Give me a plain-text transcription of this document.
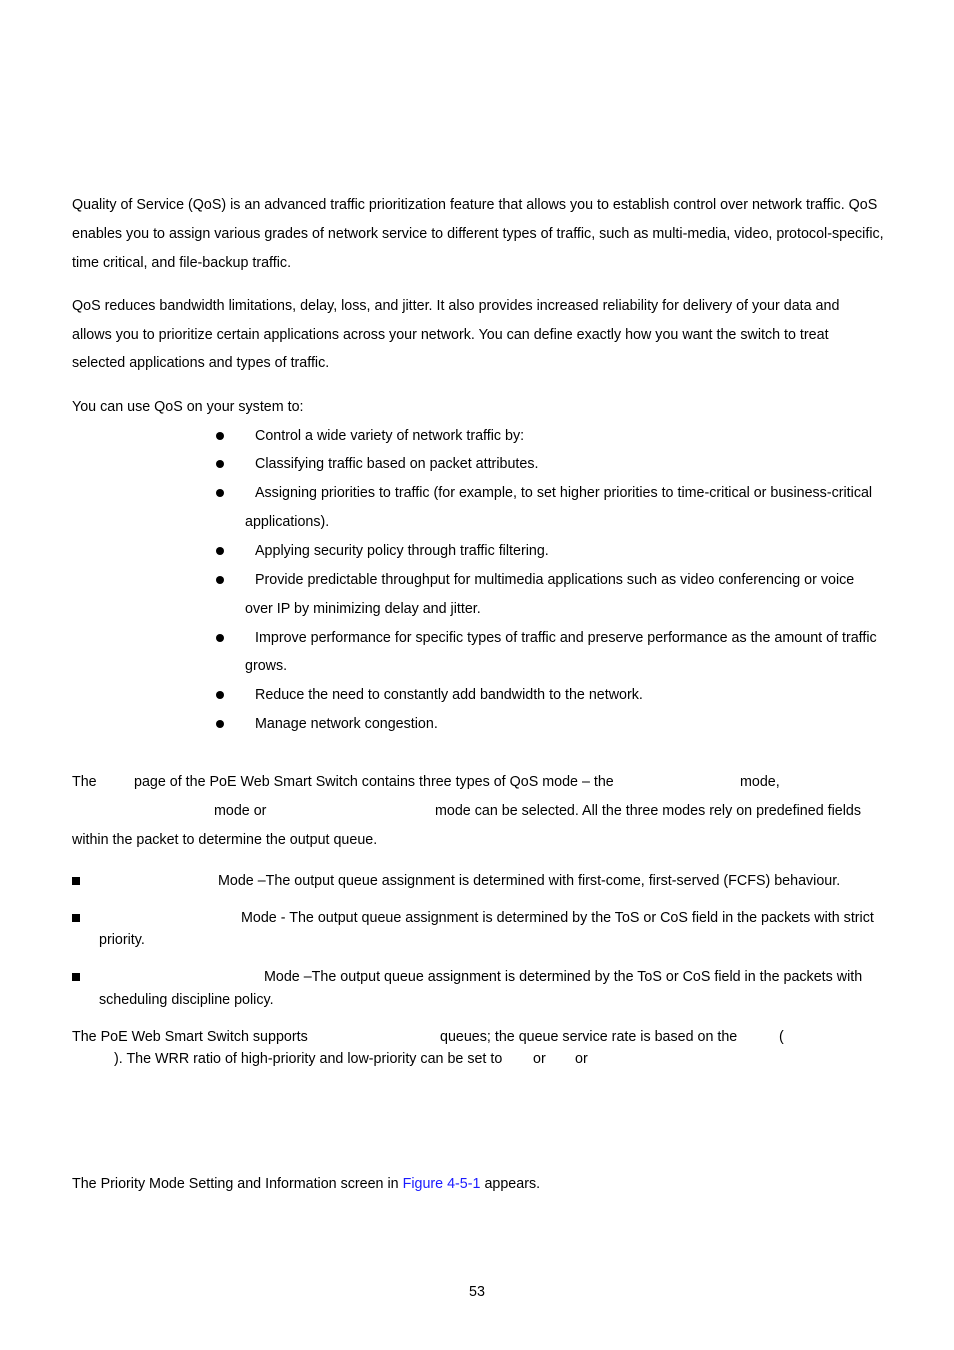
Quality of Service (QoS) is an advanced traffic prioritization feature that allows you to establish control over network traffic. QoS
enables you to assign various grades of network service to different types of traffic, such as multi-media, video, protocol-specific,
time critical, and file-backup traffic.
QoS reduces bandwidth limitations, delay, loss, and jitter. It also provides increased reliability for delivery of your data and
allows you to prioritize certain applications across your network. You can define exactly how you want the switch to treat
selected applications and types of traffic.
You can use QoS on your system to:
Control a wide variety of network traffic by:
Classifying traffic based on packet attributes.
Assigning priorities to traffic (for example, to set higher priorities to time-critical or business-critical
applications).
Applying security policy through traffic filtering.
Provide predictable throughput for multimedia applications such as video conferencing or voice
over IP by minimizing delay and jitter.
Improve performance for specific types of traffic and preserve performance as the amount of traffic
grows.
Reduce the need to constantly add bandwidth to the network.
Manage network congestion.
The	page of the PoE Web Smart Switch contains three types of QoS mode – the	mode,
mode or	mode can be selected. All the three modes rely on predefined fields
within the packet to determine the output queue.
Mode –The output queue assignment is determined with first-come, first-served (FCFS) behaviour.
Mode - The output queue assignment is determined by the ToS or CoS field in the packets with strict
priority.
Mode –The output queue assignment is determined by the ToS or CoS field in the packets with
scheduling discipline policy.
The PoE Web Smart Switch supports	queues; the queue service rate is based on the	(
). The WRR ratio of high-priority and low-priority can be set to or or
The Priority Mode Setting and Information screen in Figure 4-5-1 appears.
53
